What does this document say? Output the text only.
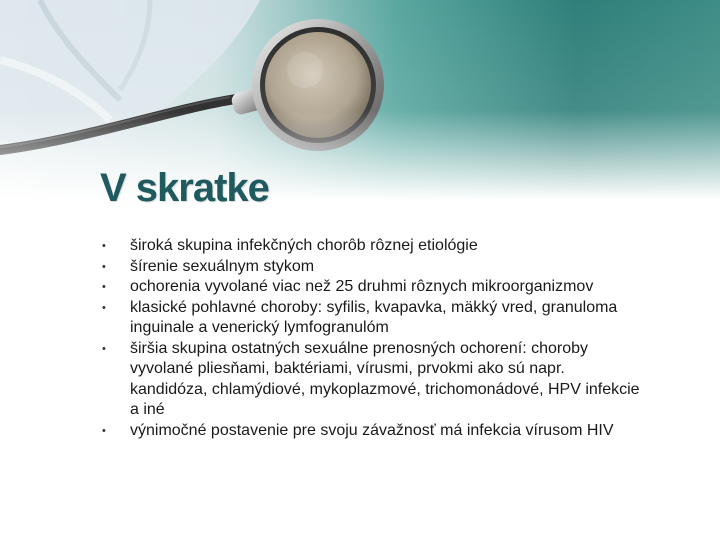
V skratke
•	široká skupina infekčných chorôb rôznej etiológie
•	šírenie sexuálnym stykom
•	ochorenia vyvolané viac než 25 druhmi rôznych mikroorganizmov
•	klasické pohlavné choroby: syfilis, kvapavka, mäkký vred, granuloma inguinale a venerický lymfogranulóm
•	širšia skupina ostatných sexuálne prenosných ochorení: choroby vyvolané pliesňami, baktériami, vírusmi, prvokmi ako sú napr. kandidóza, chlamýdiové, mykoplazmové, trichomonádové, HPV infekcie a iné
•	výnimočné postavenie pre svoju závažnosť má infekcia vírusom HIV
